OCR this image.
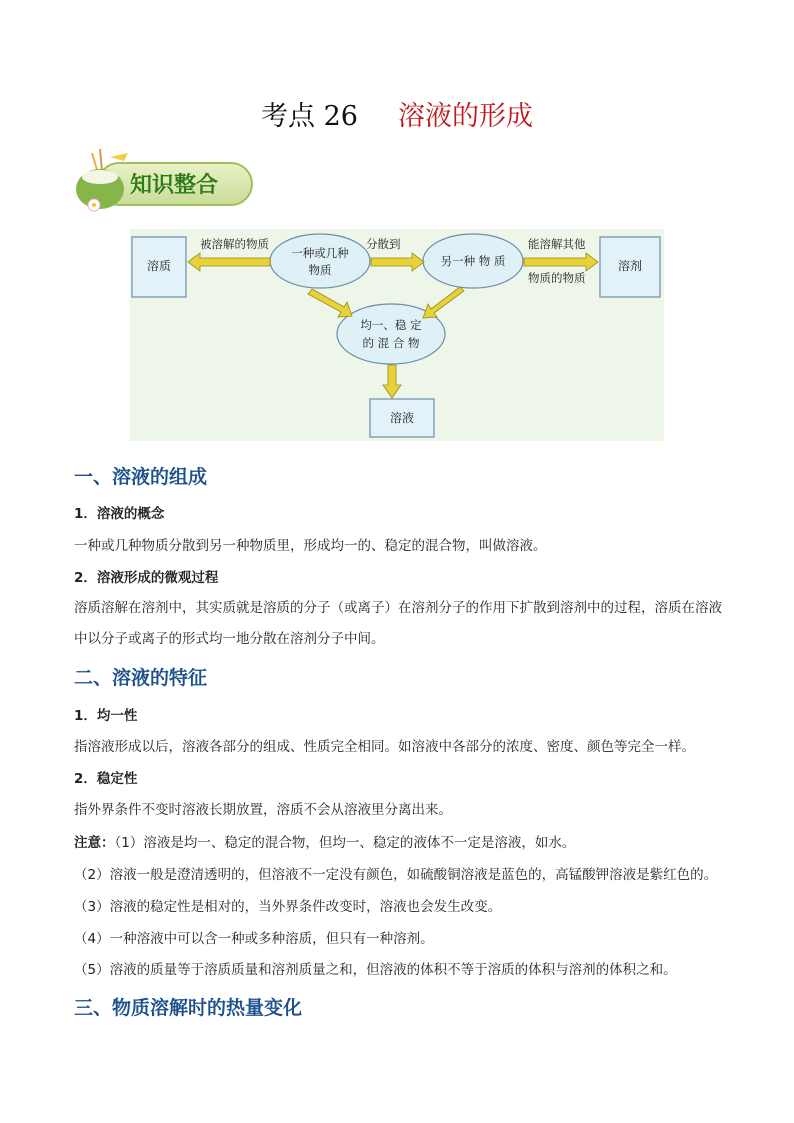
考点 26 溶液的形成
知识整合
溶质	溶剂
溶液
一种或几种
物质
另一种 物 质
均一、稳 定
的 混 合 物
被溶解的物质	分散到	能溶解其他
物质的物质
一、溶液的组成
1．溶液的概念
一种或几种物质分散到另一种物质里，形成均一的、稳定的混合物，叫做溶液。
2．溶液形成的微观过程
溶质溶解在溶剂中，其实质就是溶质的分子（或离子）在溶剂分子的作用下扩散到溶剂中的过程，溶质在溶液中以分子或离子的形式均一地分散在溶剂分子中间。
二、溶液的特征
1．均一性
指溶液形成以后，溶液各部分的组成、性质完全相同。如溶液中各部分的浓度、密度、颜色等完全一样。
2．稳定性
指外界条件不变时溶液长期放置，溶质不会从溶液里分离出来。
注意：（1）溶液是均一、稳定的混合物，但均一、稳定的液体不一定是溶液，如水。
（2）溶液一般是澄清透明的，但溶液不一定没有颜色，如硫酸铜溶液是蓝色的，高锰酸钾溶液是紫红色的。
（3）溶液的稳定性是相对的，当外界条件改变时，溶液也会发生改变。
（4）一种溶液中可以含一种或多种溶质，但只有一种溶剂。
（5）溶液的质量等于溶质质量和溶剂质量之和，但溶液的体积不等于溶质的体积与溶剂的体积之和。
三、物质溶解时的热量变化
